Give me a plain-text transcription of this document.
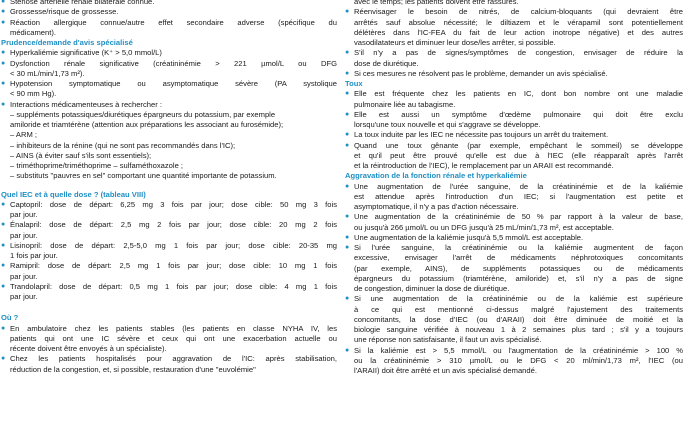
● Sténose artérielle rénale bilatérale connue.
● Grossesse/risque de grossesse.
● Réaction allergique connue/autre effet secondaire adverse (spécifique du
médicament).
Prudence/demande d'avis spécialisé
● Hyperkaliémie significative (K⁺ > 5,0 mmol/L)
● Dysfonction rénale significative (créatininémie > 221 µmol/L ou DFG
< 30 mL/min/1,73 m²).
● Hypotension symptomatique ou asymptomatique sévère (PA systolique
< 90 mm Hg).
● Interactions médicamenteuses à rechercher :
– suppléments potassiques/diurétiques épargneurs du potassium, par exemple
amiloride et triamtérène (attention aux préparations les associant au furosémide);
– ARM ;
– inhibiteurs de la rénine (qui ne sont pas recommandés dans l'IC);
– AINS (à éviter sauf s'ils sont essentiels);
– triméthoprime/triméthoprime – sulfaméthoxazole ;
– substituts "pauvres en sel" comportant une quantité importante de potassium.
Quel IEC et à quelle dose ? (tableau VIII)
● Captopril: dose de départ: 6,25 mg 3 fois par jour; dose cible: 50 mg 3 fois
par jour.
● Énalapril: dose de départ: 2,5 mg 2 fois par jour; dose cible: 20 mg 2 fois
par jour.
● Lisinopril: dose de départ: 2,5-5,0 mg 1 fois par jour; dose cible: 20-35 mg
1 fois par jour.
● Ramipril: dose de départ: 2,5 mg 1 fois par jour; dose cible: 10 mg 1 fois
par jour.
● Trandolapril: dose de départ: 0,5 mg 1 fois par jour; dose cible: 4 mg 1 fois
par jour.
Où ?
● En ambulatoire chez les patients stables (les patients en classe NYHA IV, les
patients qui ont une IC sévère et ceux qui ont une exacerbation actuelle ou
récente doivent être envoyés à un spécialiste).
● Chez les patients hospitalisés pour aggravation de l'IC: après stabilisation,
réduction de la congestion, et, si possible, restauration d'une "euvolémie"
avec le temps; les patients doivent être rassurés.
● Réenvisager le besoin de nitrés, de calcium-bloquants (qui devraient être
arrêtés sauf absolue nécessité; le diltiazem et le vérapamil sont potentiellement
délétères dans l'IC-FEA du fait de leur action inotrope négative) et des autres
vasodilatateurs et diminuer leur dose/les arrêter, si possible.
● S'il n'y a pas de signes/symptômes de congestion, envisager de réduire la
dose de diurétique.
● Si ces mesures ne résolvent pas le problème, demander un avis spécialisé.
Toux
● Elle est fréquente chez les patients en IC, dont bon nombre ont une maladie
pulmonaire liée au tabagisme.
● Elle est aussi un symptôme d'œdème pulmonaire qui doit être exclu
lorsqu'une toux nouvelle et qui s'aggrave se développe.
● La toux induite par les IEC ne nécessite pas toujours un arrêt du traitement.
● Quand une toux gênante (par exemple, empêchant le sommeil) se développe
et qu'il peut être prouvé qu'elle est due à l'IEC (elle réapparaît après l'arrêt
et la réintroduction de l'IEC), le remplacement par un ARAII est recommandé.
Aggravation de la fonction rénale et hyperkaliémie
● Une augmentation de l'urée sanguine, de la créatininémie et de la kaliémie
est attendue après l'introduction d'un IEC; si l'augmentation est petite et
asymptomatique, il n'y a pas d'action nécessaire.
● Une augmentation de la créatininémie de 50 % par rapport à la valeur de base,
ou jusqu'à 266 µmol/L ou un DFG jusqu'à 25 mL/min/1,73 m², est acceptable.
● Une augmentation de la kaliémie jusqu'à 5,5 mmol/L est acceptable.
● Si l'urée sanguine, la créatininémie ou la kaliémie augmentent de façon
excessive, envisager l'arrêt de médicaments néphrotoxiques concomitants
(par exemple, AINS), de suppléments potassiques ou de médicaments
épargneurs du potassium (triamtérène, amiloride) et, s'il n'y a pas de signe
de congestion, diminuer la dose de diurétique.
● Si une augmentation de la créatininémie ou de la kaliémie est supérieure
à ce qui est mentionné ci-dessus malgré l'ajustement des traitements
concomitants, la dose d'IEC (ou d'ARAII) doit être diminuée de moitié et la
biologie sanguine vérifiée à nouveau 1 à 2 semaines plus tard ; s'il y a toujours
une réponse non satisfaisante, il faut un avis spécialisé.
● Si la kaliémie est > 5,5 mmol/L ou l'augmentation de la créatininémie > 100 %
ou la créatininémie > 310 µmol/L ou le DFG < 20 ml/min/1,73 m², l'IEC (ou
l'ARAII) doit être arrêté et un avis spécialisé demandé.
